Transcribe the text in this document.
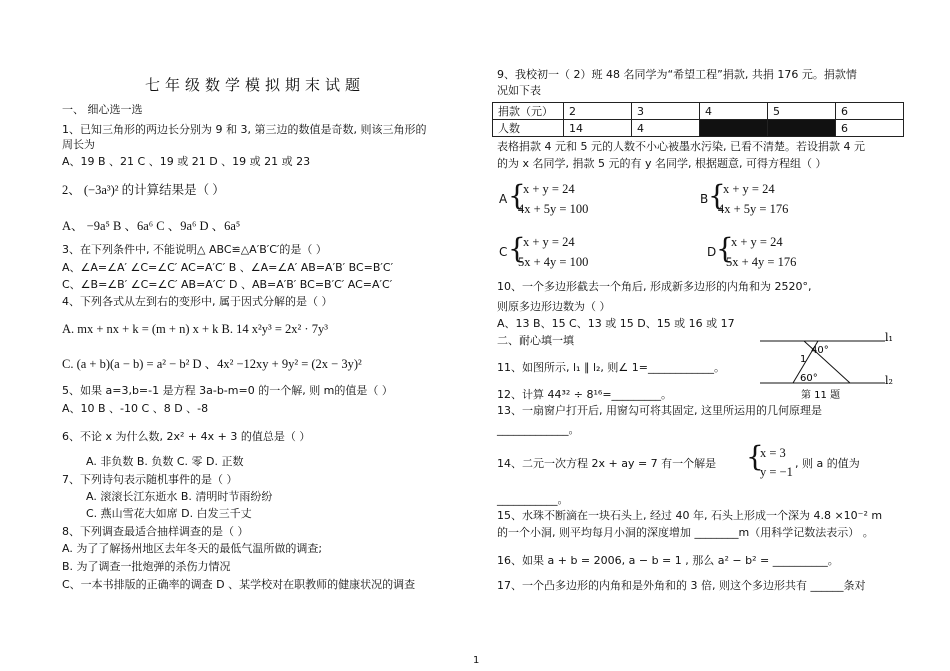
七年级数学模拟期末试题
一、 细心选一选
1、已知三角形的两边长分别为 9 和 3, 第三边的数值是奇数, 则该三角形的
周长为
A、19 B 、21 C 、19 或 21 D 、19 或 21 或 23
2、 (−3a³)² 的计算结果是（ ）
A、 −9a⁵ B 、6a⁶ C 、9a⁶ D 、6a⁵
3、在下列条件中, 不能说明△ ABC≌△A′B′C′的是（ ）
A、∠A=∠A′ ∠C=∠C′ AC=A′C′ B 、∠A=∠A′ AB=A′B′ BC=B′C′
C、∠B=∠B′ ∠C=∠C′ AB=A′C′ D 、AB=A′B′ BC=B′C′ AC=A′C′
4、下列各式从左到右的变形中, 属于因式分解的是（ ）
A. mx + nx + k = (m + n) x + k B. 14 x²y³ = 2x² · 7y³
C. (a + b)(a − b) = a² − b² D 、4x² −12xy + 9y² = (2x − 3y)²
5、如果 a=3,b=-1 是方程 3a-b-m=0 的一个解, 则 m的值是（ ）
A、10 B 、-10 C 、8 D 、-8
6、不论 x 为什么数, 2x² + 4x + 3 的值总是（ ）
A. 非负数 B. 负数 C. 零 D. 正数
7、下列诗句表示随机事件的是（ ）
A. 滚滚长江东逝水 B. 清明时节雨纷纷
C. 燕山雪花大如席 D. 白发三千丈
8、下列调查最适合抽样调查的是（ ）
A. 为了了解扬州地区去年冬天的最低气温所做的调查;
B. 为了调查一批炮弹的杀伤力情况
C、一本书排版的正确率的调查 D 、某学校对在职教师的健康状况的调查
9、我校初一（ 2）班 48 名同学为“希望工程”捐款, 共捐 176 元。捐款情
况如下表
表格捐款 4 元和 5 元的人数不小心被墨水污染, 已看不清楚。若设捐款 4 元
的为 x 名同学, 捐款 5 元的有 y 名同学, 根据题意, 可得方程组（ ）
10、一个多边形截去一个角后, 形成新多边形的内角和为 2520°,
则原多边形边数为（ ）
A、13 B、15 C、13 或 15 D、15 或 16 或 17
二、耐心填一填
11、如图所示, l₁ ∥ l₂, 则∠ 1=____________。
12、计算 44³² ÷ 8¹⁶=_________。
13、一扇窗户打开后, 用窗勾可将其固定, 这里所运用的几何原理是
_____________。
14、二元一次方程 2x + ay = 7 有一个解是	, 则 a 的值为
___________。
15、水珠不断滴在一块石头上, 经过 40 年, 石头上形成一个深为 4.8 ×10⁻² m
的一个小洞, 则平均每月小洞的深度增加 ________m（用科学记数法表示） 。
16、如果 a + b = 2006, a − b = 1 , 那么 a² − b² = __________。
17、一个凸多边形的内角和是外角和的 3 倍, 则这个多边形共有 ______条对
捐款（元）	2	3	4	5	6
人数	14	4			6
A {
x + y = 24
4x + 5y = 100
B {
x + y = 24
4x + 5y = 176
C {
x + y = 24
5x + 4y = 100
D {
x + y = 24
5x + 4y = 176
{
x = 3
y = −1
40°
60°
1
l₁
l₂
第 11 题
1
